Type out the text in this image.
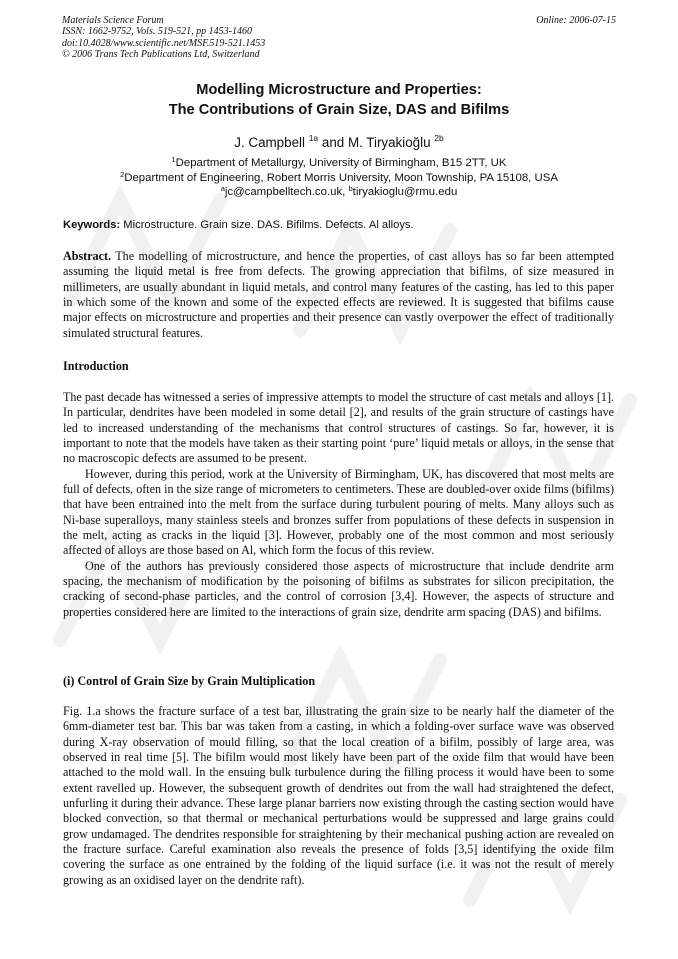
Materials Science Forum
ISSN: 1662-9752, Vols. 519-521, pp 1453-1460
doi:10.4028/www.scientific.net/MSF.519-521.1453
© 2006 Trans Tech Publications Ltd, Switzerland
Online: 2006-07-15
Modelling Microstructure and Properties:
The Contributions of Grain Size, DAS and Bifilms
J. Campbell $^{1a}$ and M. Tiryakioğlu $^{2b}$
$^1$Department of Metallurgy, University of Birmingham, B15 2TT, UK
$^2$Department of Engineering, Robert Morris University, Moon Township, PA 15108, USA
$^a$jc@campbelltech.co.uk, $^b$tiryakioglu@rmu.edu
Keywords: Microstructure. Grain size. DAS. Bifilms. Defects. Al alloys.

Abstract. The modelling of microstructure, and hence the properties, of cast alloys has so far been attempted assuming the liquid metal is free from defects. The growing appreciation that bifilms, of size measured in millimeters, are usually abundant in liquid metals, and control many features of the casting, has led to this paper in which some of the known and some of the expected effects are reviewed. It is suggested that bifilms cause major effects on microstructure and properties and their presence can vastly overpower the effect of traditionally simulated structural features.

Introduction

The past decade has witnessed a series of impressive attempts to model the structure of cast metals and alloys [1]. In particular, dendrites have been modeled in some detail [2], and results of the grain structure of castings have led to increased understanding of the mechanisms that control structures of castings. So far, however, it is important to note that the models have taken as their starting point ‘pure’ liquid metals or alloys, in the sense that no macroscopic defects are assumed to be present.

However, during this period, work at the University of Birmingham, UK, has discovered that most melts are full of defects, often in the size range of micrometers to centimeters. These are doubled-over oxide films (bifilms) that have been entrained into the melt from the surface during turbulent pouring of melts. Many alloys such as Ni-base superalloys, many stainless steels and bronzes suffer from populations of these defects in suspension in the melt, acting as cracks in the liquid [3]. However, probably one of the most common and most seriously affected of alloys are those based on Al, which form the focus of this review.

One of the authors has previously considered those aspects of microstructure that include dendrite arm spacing, the mechanism of modification by the poisoning of bifilms as substrates for silicon precipitation, the cracking of second-phase particles, and the control of corrosion [3,4]. However, the aspects of structure and properties considered here are limited to the interactions of grain size, dendrite arm spacing (DAS) and bifilms.

(i) Control of Grain Size by Grain Multiplication

Fig. 1.a shows the fracture surface of a test bar, illustrating the grain size to be nearly half the diameter of the 6mm-diameter test bar. This bar was taken from a casting, in which a folding-over surface wave was observed during X-ray observation of mould filling, so that the local creation of a bifilm, possibly of large area, was observed in real time [5]. The bifilm would most likely have been part of the oxide film that would have been attached to the mold wall. In the ensuing bulk turbulence during the filling process it would have been to some extent ravelled up. However, the subsequent growth of dendrites out from the wall had straightened the defect, unfurling it during their advance. These large planar barriers now existing through the casting section would have blocked convection, so that thermal or mechanical perturbations would be suppressed and large grains could grow undamaged. The dendrites responsible for straightening by their mechanical pushing action are revealed on the fracture surface. Careful examination also reveals the presence of folds [3,5] identifying the oxide film covering the surface as one entrained by the folding of the liquid surface (i.e. it was not the result of merely growing as an oxidised layer on the dendrite raft).
